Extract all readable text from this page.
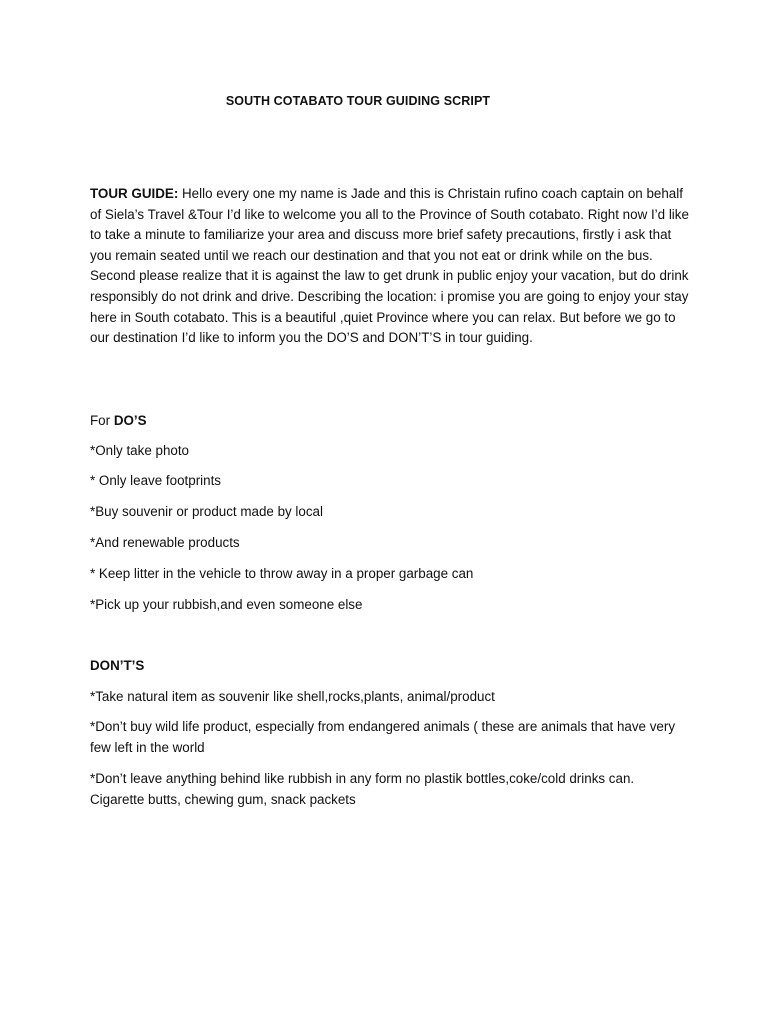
SOUTH COTABATO TOUR GUIDING SCRIPT
TOUR GUIDE: Hello every one my name is Jade and this is Christain rufino coach captain on behalf of Siela’s Travel &Tour I’d like to welcome you all to the Province of South cotabato. Right now I’d like to take a minute to familiarize your area and discuss more brief safety precautions, firstly i ask that you remain seated until we reach our destination and that you not eat or drink while on the bus. Second please realize that it is against the law to get drunk in public enjoy your vacation, but do drink responsibly do not drink and drive. Describing the location: i promise you are going to enjoy your stay here in South cotabato. This is a beautiful ,quiet Province where you can relax. But before we go to our destination I’d like to inform you the DO’S and DON’T’S in tour guiding.
For DO’S
*Only take photo
* Only leave footprints
*Buy souvenir or product made by local
*And renewable products
* Keep litter in the vehicle to throw away in a proper garbage can
*Pick up your rubbish,and even someone else
DON’T’S
*Take natural item as souvenir like shell,rocks,plants, animal/product
*Don’t buy wild life product, especially from endangered animals ( these are animals that have very few left in the world
*Don’t leave anything behind like rubbish in any form no plastik bottles,coke/cold drinks can. Cigarette butts, chewing gum, snack packets
